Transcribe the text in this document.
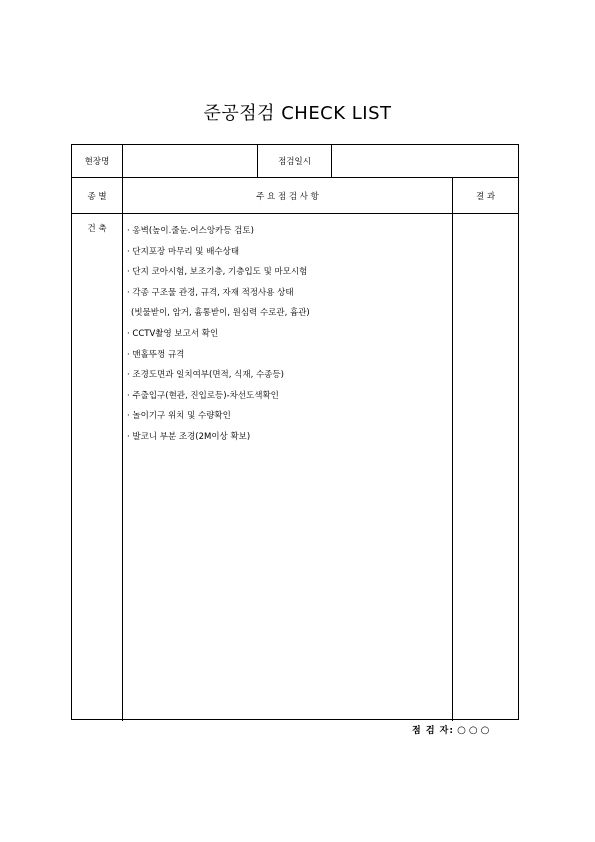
준공점검 CHECK LIST
현장명	점검일시
종 별	주 요 점 검 사 항	결 과
건 축	· 옹벽(높이.줄눈.어스앙카등 검토)
· 단지포장 마무리 및 배수상태
· 단지 코아시험, 보조기층, 기층입도 및 마모시험
· 각종 구조물 관경, 규격, 자재 적정사용 상태
(빗물받이, 암거, 흄통받이, 원심력 수로관, 흄관)
· CCTV촬영 보고서 확인
· 맨홀뚜껑 규격
· 조경도면과 일치여부(면적, 식재, 수종등)
· 주출입구(현관, 진입로등)-차선도색확인
· 놀이기구 위치 및 수량확인
· 발코니 부분 조경(2M이상 확보)
점 검 자: ○○○
